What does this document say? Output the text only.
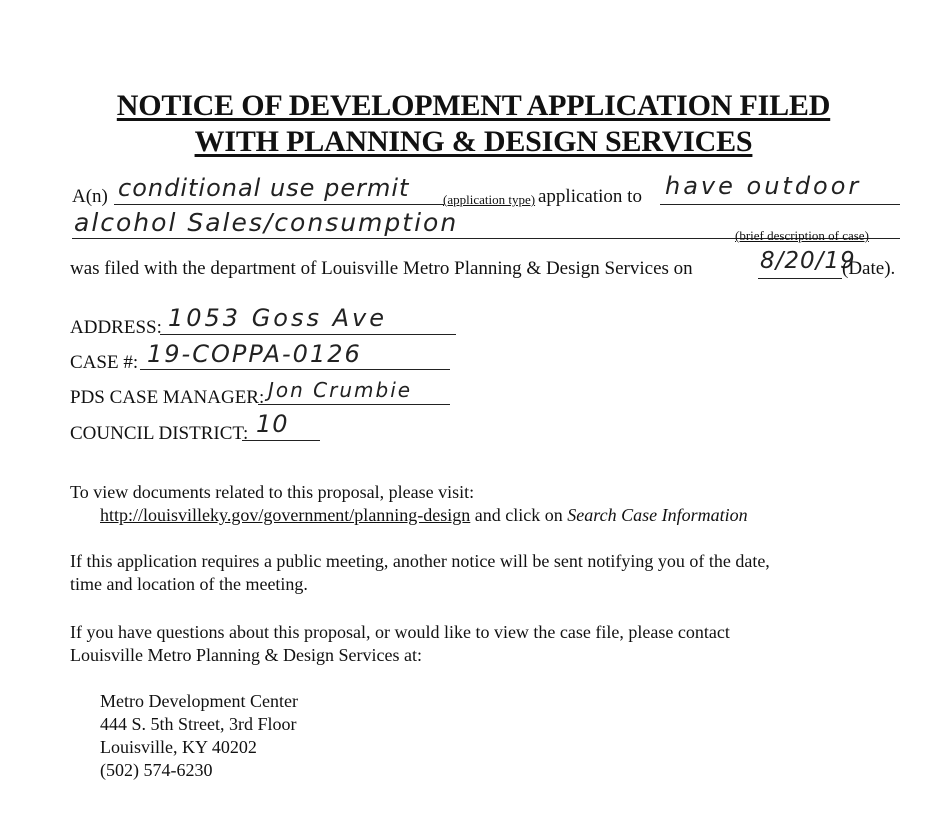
NOTICE OF DEVELOPMENT APPLICATION FILED
WITH PLANNING & DESIGN SERVICES
A(n) conditional use permit	(application type) application to have outdoor
alcohol Sales/consumption	(brief description of case)
was filed with the department of Louisville Metro Planning & Design Services on	8/20/19
(Date).
ADDRESS: 1053 Goss Ave
CASE #: 19-COPPA-0126
PDS CASE MANAGER: Jon Crumbie
COUNCIL DISTRICT: 10
To view documents related to this proposal, please visit:
http://louisvilleky.gov/government/planning-design and click on Search Case Information
If this application requires a public meeting, another notice will be sent notifying you of the date,
time and location of the meeting.
If you have questions about this proposal, or would like to view the case file, please contact
Louisville Metro Planning & Design Services at:
Metro Development Center
444 S. 5th Street, 3rd Floor
Louisville, KY 40202
(502) 574-6230
